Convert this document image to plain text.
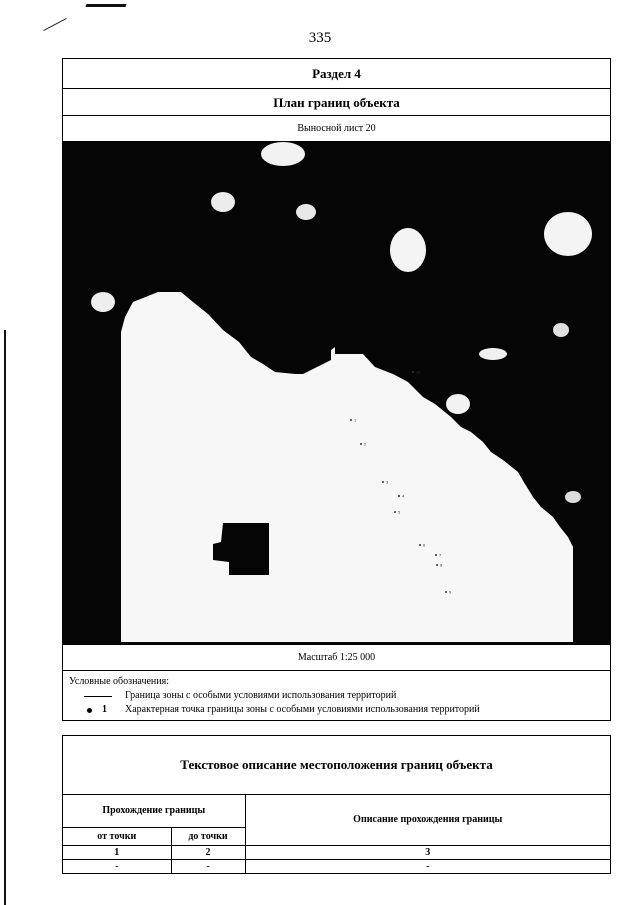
335
Раздел 4
План границ объекта
Выносной лист 20
1
2
3
4
5
6
7
8
9
10
Масштаб 1:25 000
Условные обозначения:
Граница зоны с особыми условиями использования территорий
1 Характерная точка границы зоны с особыми условиями использования территорий
Текстовое описание местоположения границ объекта
Прохождение границы		Описание прохождения границы
от точки	до точки	
1	2	3
-	-	-
